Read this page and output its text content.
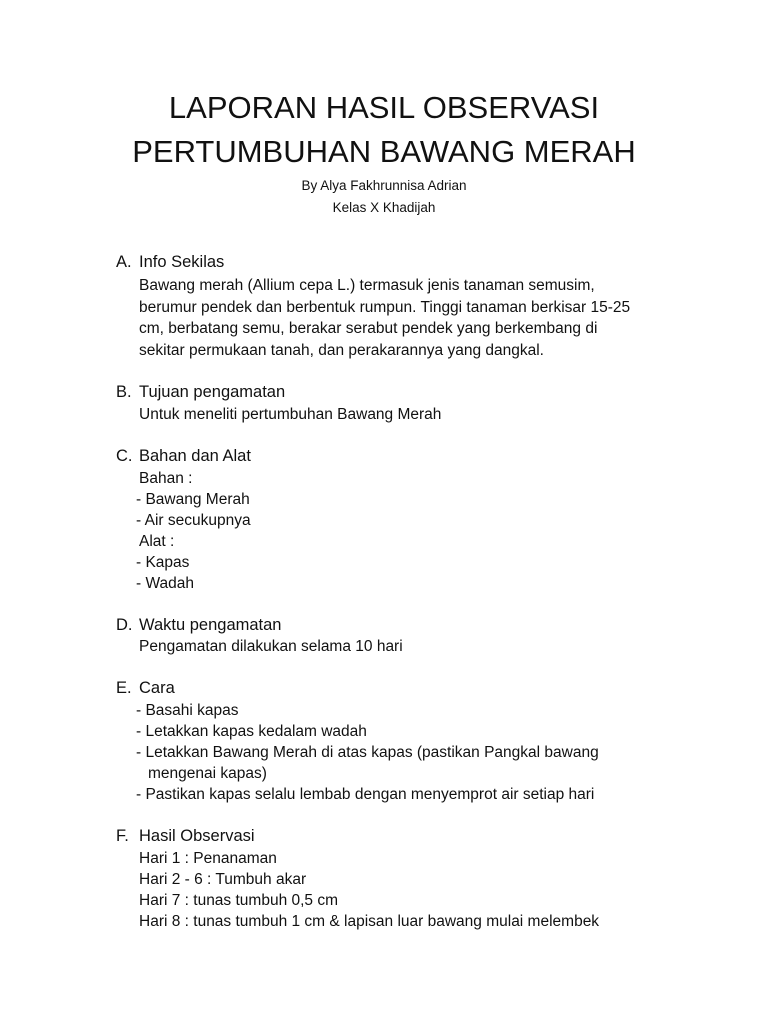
LAPORAN HASIL OBSERVASI
PERTUMBUHAN BAWANG MERAH
By Alya Fakhrunnisa Adrian
Kelas X Khadijah
A. Info Sekilas
Bawang merah (Allium cepa L.) termasuk jenis tanaman semusim,
berumur pendek dan berbentuk rumpun. Tinggi tanaman berkisar 15-25
cm, berbatang semu, berakar serabut pendek yang berkembang di
sekitar permukaan tanah, dan perakarannya yang dangkal.
B. Tujuan pengamatan
Untuk meneliti pertumbuhan Bawang Merah
C. Bahan dan Alat
Bahan :
- Bawang Merah
- Air secukupnya
Alat :
- Kapas
- Wadah
D. Waktu pengamatan
Pengamatan dilakukan selama 10 hari
E. Cara
- Basahi kapas
- Letakkan kapas kedalam wadah
- Letakkan Bawang Merah di atas kapas (pastikan Pangkal bawang
mengenai kapas)
- Pastikan kapas selalu lembab dengan menyemprot air setiap hari
F. Hasil Observasi
Hari 1 : Penanaman
Hari 2 - 6 : Tumbuh akar
Hari 7 : tunas tumbuh 0,5 cm
Hari 8 : tunas tumbuh 1 cm & lapisan luar bawang mulai melembek
